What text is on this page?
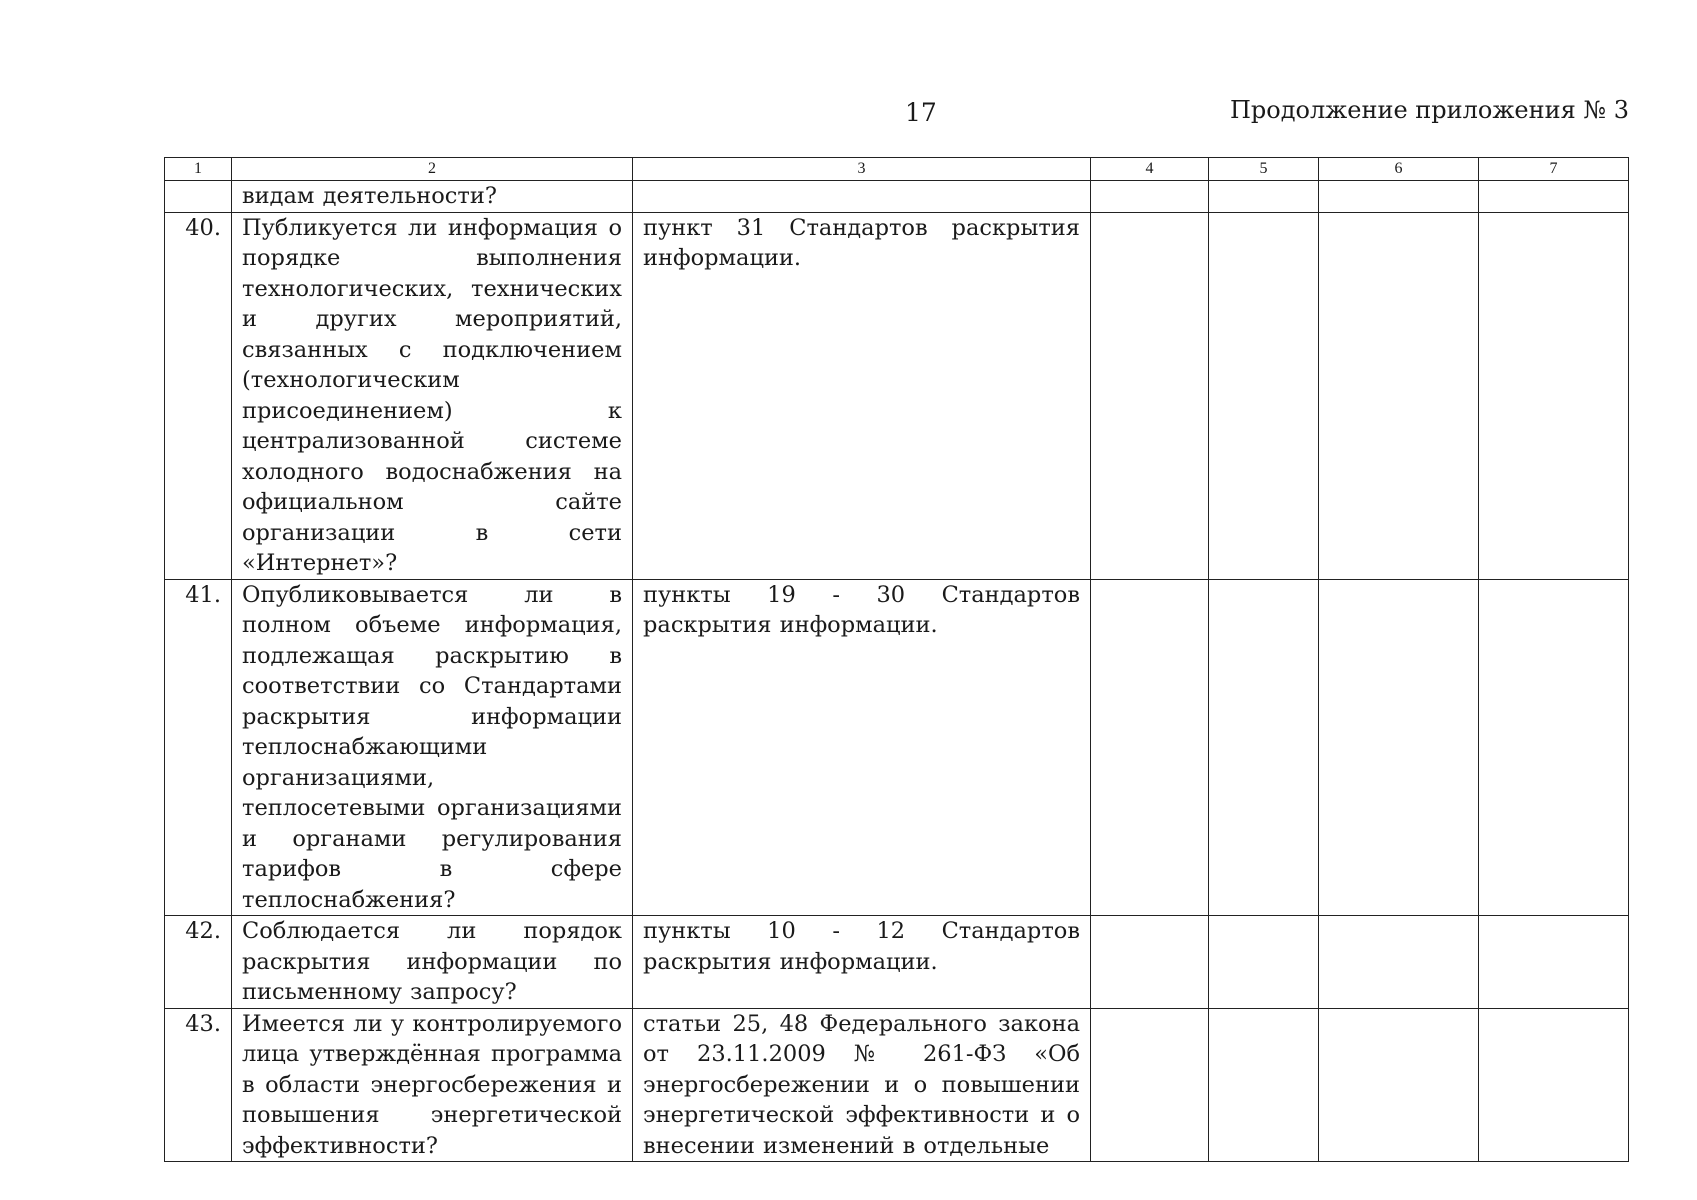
17	Продолжение приложения № 3
1	2	3	4	5	6	7
	видам деятельности?					
40.	Публикуется ли информация о порядке выполнения технологических, технических и других мероприятий, связанных с подключением (технологическим присоединением) к централизованной системе холодного водоснабжения на официальном сайте организации в сети «Интернет»?	пункт 31 Стандартов раскрытия информации.				
41.	Опубликовывается ли в полном объеме информация, подлежащая раскрытию в соответствии со Стандартами раскрытия информации теплоснабжающими организациями, теплосетевыми организациями и органами регулирования тарифов в сфере теплоснабжения?	пункты 19 - 30 Стандартов раскрытия информации.				
42.	Соблюдается ли порядок раскрытия информации по письменному запросу?	пункты 10 - 12 Стандартов раскрытия информации.				
43.	Имеется ли у контролируемого лица утверждённая программа в области энергосбережения и повышения энергетической эффективности?	статьи 25, 48 Федерального закона от 23.11.2009 № 261-ФЗ «Об энергосбережении и о повышении энергетической эффективности и о внесении изменений в отдельные				
